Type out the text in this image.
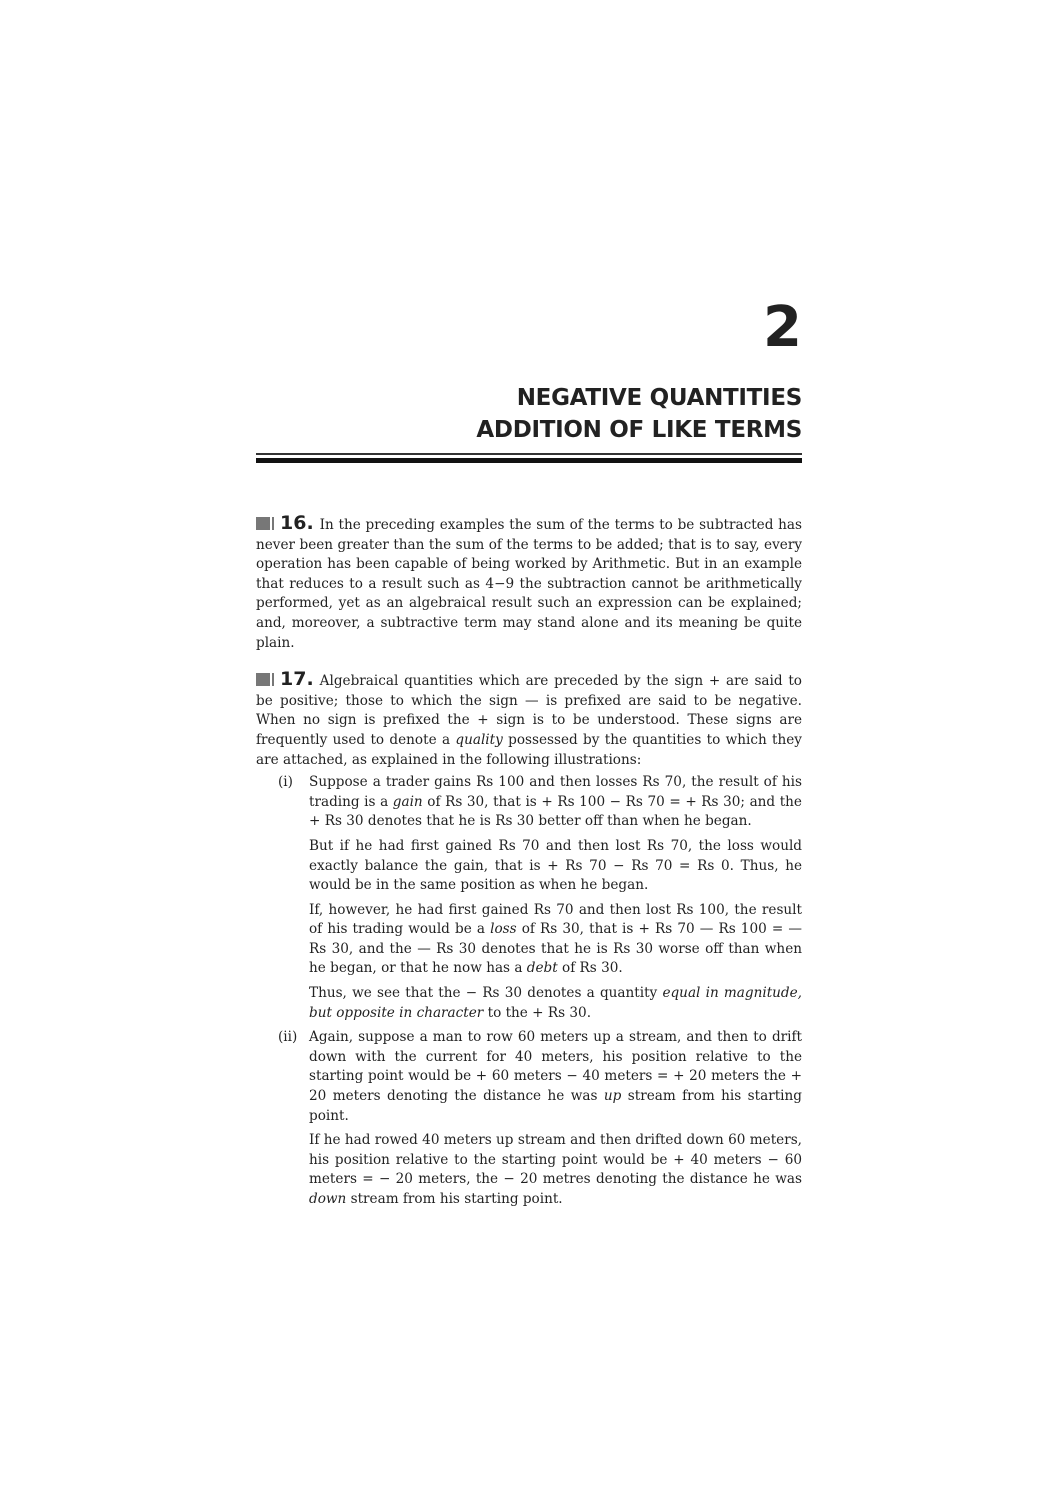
2
NEGATIVE QUANTITIES
ADDITION OF LIKE TERMS

16. In the preceding examples the sum of the terms to be subtracted has never been greater than the sum of the terms to be added; that is to say, every operation has been capable of being worked by Arithmetic. But in an example that reduces to a result such as 4−9 the subtraction cannot be arithmetically performed, yet as an algebraical result such an expression can be explained; and, moreover, a subtractive term may stand alone and its meaning be quite plain.

17. Algebraical quantities which are preceded by the sign + are said to be positive; those to which the sign — is prefixed are said to be negative. When no sign is prefixed the + sign is to be understood. These signs are frequently used to denote a quality possessed by the quantities to which they are attached, as explained in the following illustrations:

(i) Suppose a trader gains Rs 100 and then losses Rs 70, the result of his trading is a gain of Rs 30, that is + Rs 100 − Rs 70 = + Rs 30; and the + Rs 30 denotes that he is Rs 30 better off than when he began.

But if he had first gained Rs 70 and then lost Rs 70, the loss would exactly balance the gain, that is + Rs 70 − Rs 70 = Rs 0. Thus, he would be in the same position as when he began.

If, however, he had first gained Rs 70 and then lost Rs 100, the result of his trading would be a loss of Rs 30, that is + Rs 70 — Rs 100 = — Rs 30, and the — Rs 30 denotes that he is Rs 30 worse off than when he began, or that he now has a debt of Rs 30.

Thus, we see that the − Rs 30 denotes a quantity equal in magnitude, but opposite in character to the + Rs 30.

(ii) Again, suppose a man to row 60 meters up a stream, and then to drift down with the current for 40 meters, his position relative to the starting point would be + 60 meters − 40 meters = + 20 meters the + 20 meters denoting the distance he was up stream from his starting point.

If he had rowed 40 meters up stream and then drifted down 60 meters, his position relative to the starting point would be + 40 meters − 60 meters = − 20 meters, the − 20 metres denoting the distance he was down stream from his starting point.
